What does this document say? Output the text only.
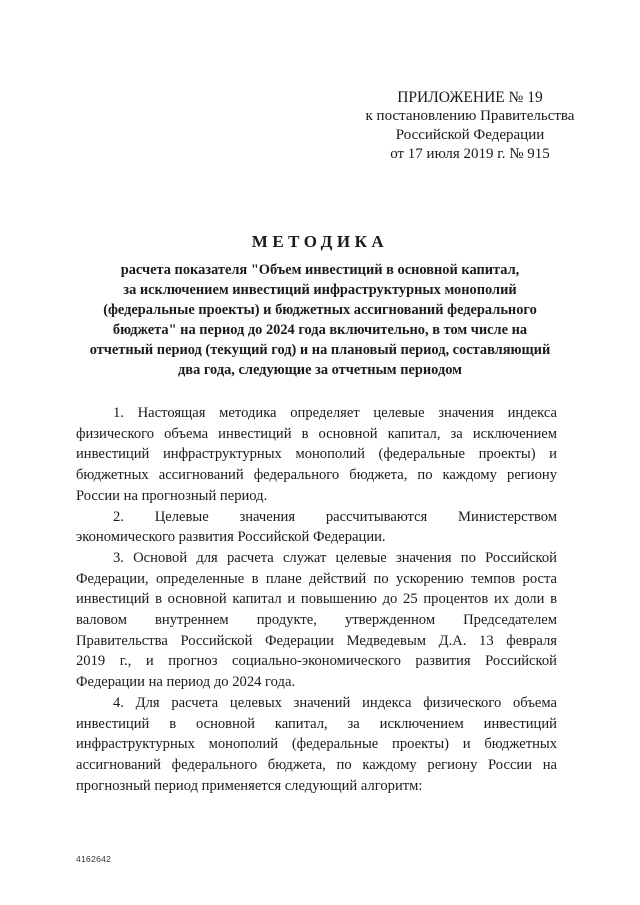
ПРИЛОЖЕНИЕ № 19
к постановлению Правительства
Российской Федерации
от 17 июля 2019 г. № 915
МЕТОДИКА
расчета показателя "Объем инвестиций в основной капитал,
за исключением инвестиций инфраструктурных монополий
(федеральные проекты) и бюджетных ассигнований федерального
бюджета" на период до 2024 года включительно, в том числе на
отчетный период (текущий год) и на плановый период, составляющий
два года, следующие за отчетным периодом
1. Настоящая методика определяет целевые значения индекса
физического объема инвестиций в основной капитал, за исключением
инвестиций инфраструктурных монополий (федеральные проекты) и
бюджетных ассигнований федерального бюджета, по каждому региону
России на прогнозный период.
2. Целевые значения рассчитываются Министерством
экономического развития Российской Федерации.
3. Основой для расчета служат целевые значения по Российской
Федерации, определенные в плане действий по ускорению темпов роста
инвестиций в основной капитал и повышению до 25 процентов их доли в
валовом внутреннем продукте, утвержденном Председателем
Правительства Российской Федерации Медведевым Д.А. 13 февраля
2019 г., и прогноз социально-экономического развития Российской
Федерации на период до 2024 года.
4. Для расчета целевых значений индекса физического объема
инвестиций в основной капитал, за исключением инвестиций
инфраструктурных монополий (федеральные проекты) и бюджетных
ассигнований федерального бюджета, по каждому региону России на
прогнозный период применяется следующий алгоритм:
4162642
